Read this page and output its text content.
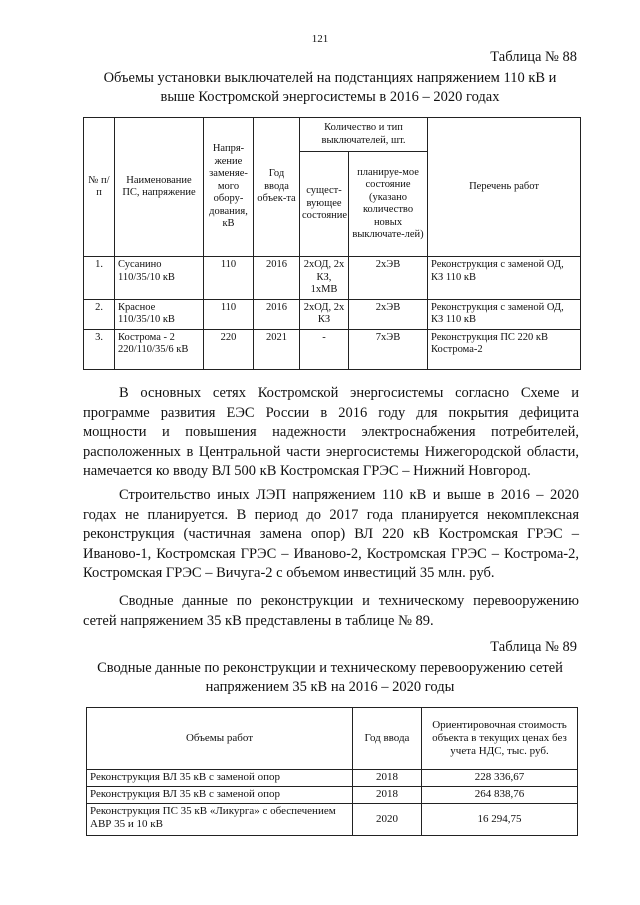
121
Таблица № 88
Объемы установки выключателей на подстанциях напряжением 110 кВ и
выше Костромской энергосистемы в 2016 – 2020 годах
№ п/п	Наименование ПС, напряжение	Напря-жение заменяе-мого обору-дования, кВ	Год ввода объек-та	Количество и тип выключателей, шт.		Перечень работ
				сущест-вующее состояние	планируе-мое состояние (указано количество новых выключате-лей)	
1.	Сусанино 110/35/10 кВ	110	2016	2хОД, 2х КЗ, 1хМВ	2хЭВ	Реконструкция с заменой ОД, КЗ 110 кВ
2.	Красное 110/35/10 кВ	110	2016	2хОД, 2х КЗ	2хЭВ	Реконструкция с заменой ОД, КЗ 110 кВ
3.	Кострома - 2 220/110/35/6 кВ	220	2021	-	7хЭВ	Реконструкция ПС 220 кВ Кострома-2
В основных сетях Костромской энергосистемы согласно Схеме и программе развития ЕЭС России в 2016 году для покрытия дефицита мощности и повышения надежности электроснабжения потребителей, расположенных в Центральной части энергосистемы Нижегородской области, намечается ко вводу ВЛ 500 кВ Костромская ГРЭС – Нижний Новгород.
Строительство иных ЛЭП напряжением 110 кВ и выше в 2016 – 2020 годах не планируется. В период до 2017 года планируется некомплексная реконструкция (частичная замена опор) ВЛ 220 кВ Костромская ГРЭС – Иваново-1, Костромская ГРЭС – Иваново-2, Костромская ГРЭС – Кострома-2, Костромская ГРЭС – Вичуга-2 с объемом инвестиций 35 млн. руб.
Сводные данные по реконструкции и техническому перевооружению сетей напряжением 35 кВ представлены в таблице № 89.
Таблица № 89
Сводные данные по реконструкции и техническому перевооружению сетей
напряжением 35 кВ на 2016 – 2020 годы
Объемы работ	Год ввода	Ориентировочная стоимость объекта в текущих ценах без учета НДС, тыс. руб.
Реконструкция ВЛ 35 кВ с заменой опор	2018	228 336,67
Реконструкция ВЛ 35 кВ с заменой опор	2018	264 838,76
Реконструкция ПС 35 кВ «Ликурга» с обеспечением АВР 35 и 10 кВ	2020	16 294,75
